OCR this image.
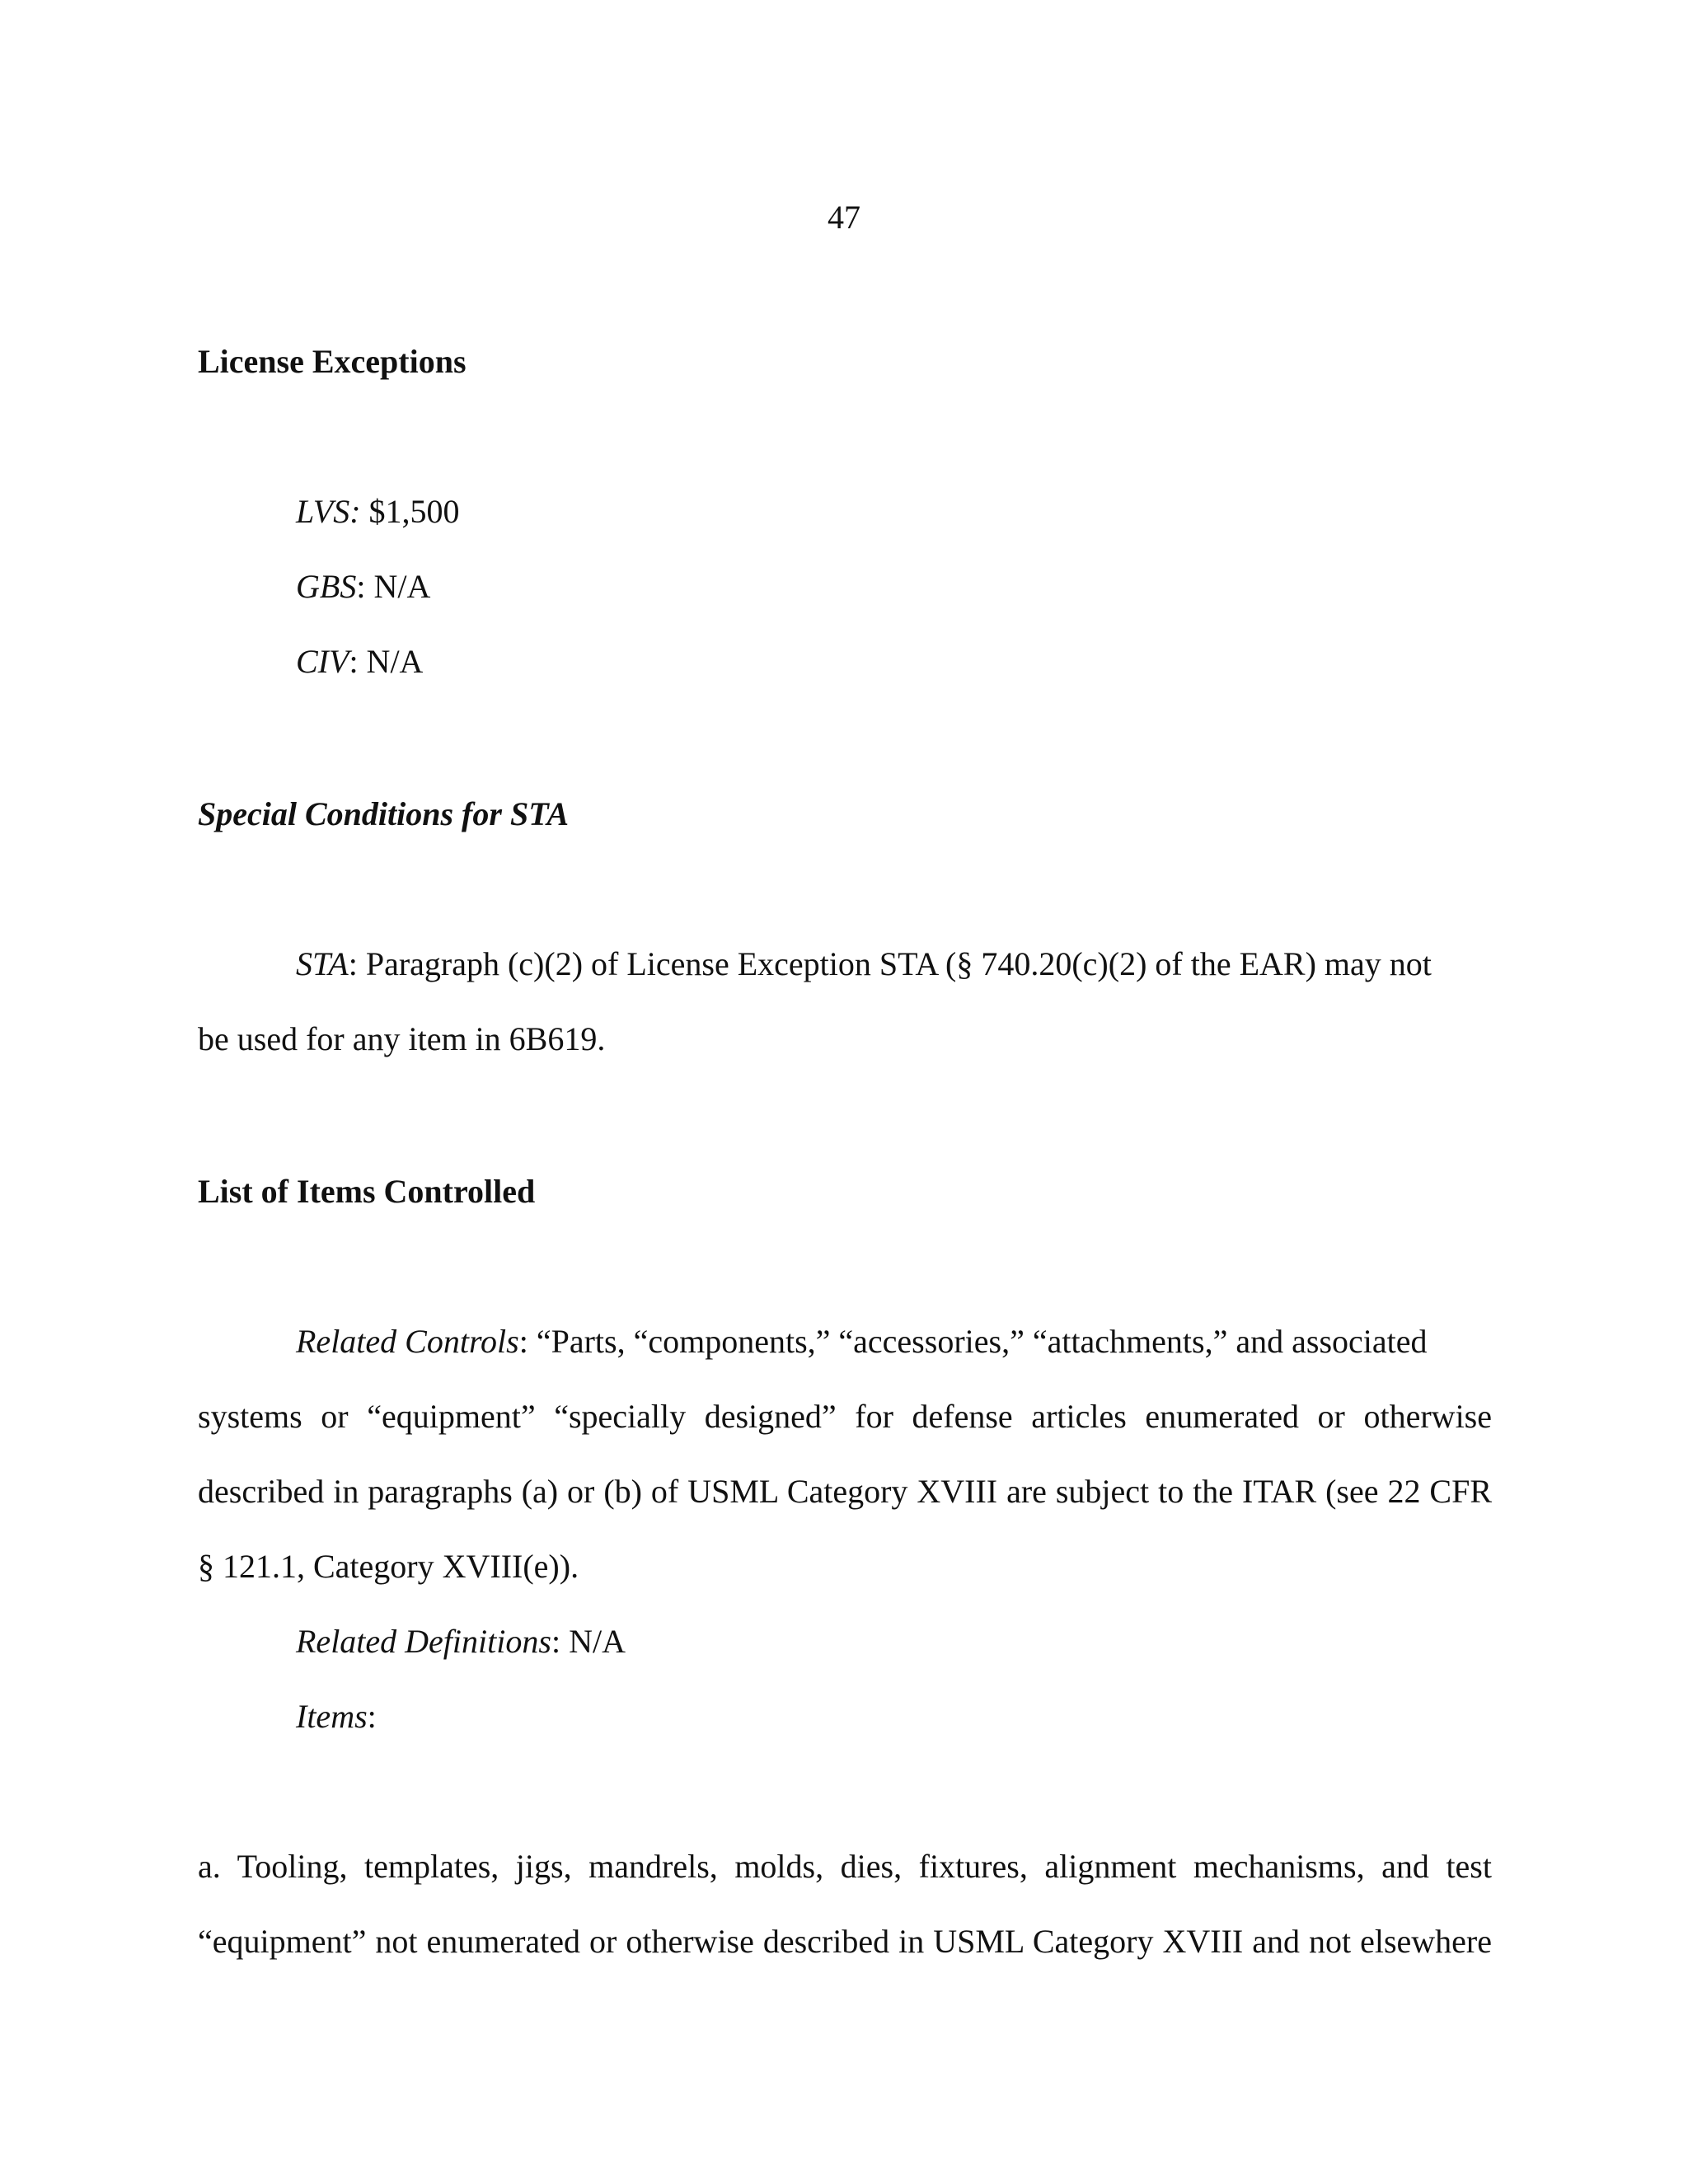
47
License Exceptions
LVS: $1,500
GBS: N/A
CIV: N/A
Special Conditions for STA
STA: Paragraph (c)(2) of License Exception STA (§ 740.20(c)(2) of the EAR) may not
be used for any item in 6B619.
List of Items Controlled
Related Controls: “Parts, “components,” “accessories,” “attachments,” and associated
systems or “equipment” “specially designed” for defense articles enumerated or otherwise
described in paragraphs (a) or (b) of USML Category XVIII are subject to the ITAR (see 22 CFR
§ 121.1, Category XVIII(e)).
Related Definitions: N/A
Items:
a. Tooling, templates, jigs, mandrels, molds, dies, fixtures, alignment mechanisms, and test
“equipment” not enumerated or otherwise described in USML Category XVIII and not elsewhere
